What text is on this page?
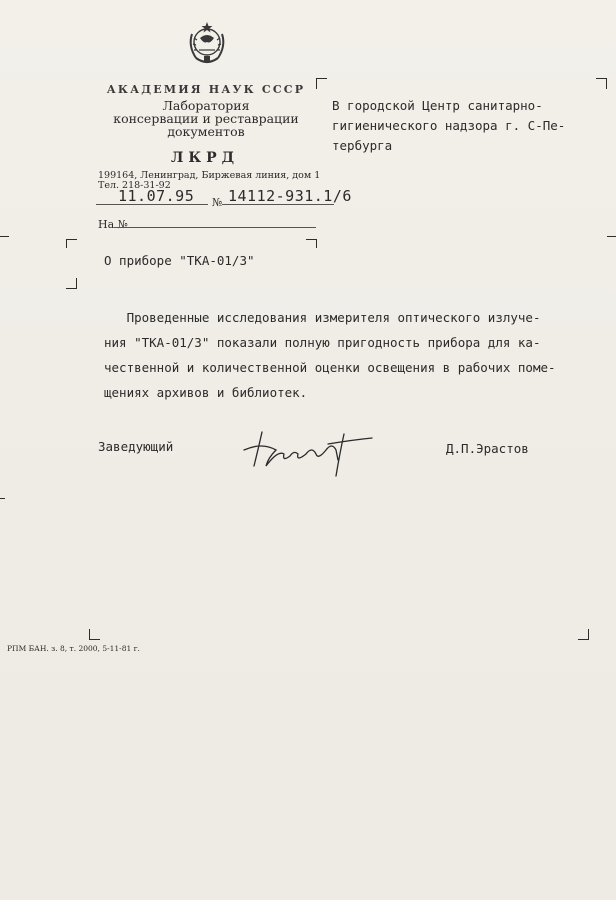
АКАДЕМИЯ НАУК СССР
Лаборатория
консервации и реставрации
документов
ЛКРД
199164, Ленинград, Биржевая линия, дом 1
Тел. 218-31-92
11.07.95 № 14112-931.1/6
На №
В городской Центр санитарно-
гигиенического надзора г. С-Пе-
тербурга
О приборе "ТКА-01/3"
Проведенные исследования измерителя оптического излуче-
ния "ТКА-01/3" показали полную пригодность прибора для ка-
чественной и количественной оценки освещения в рабочих поме-
щениях архивов и библиотек.
Заведующий	Д.П.Эрастов
РПМ БАН. з. 8, т. 2000, 5-11-81 г.
